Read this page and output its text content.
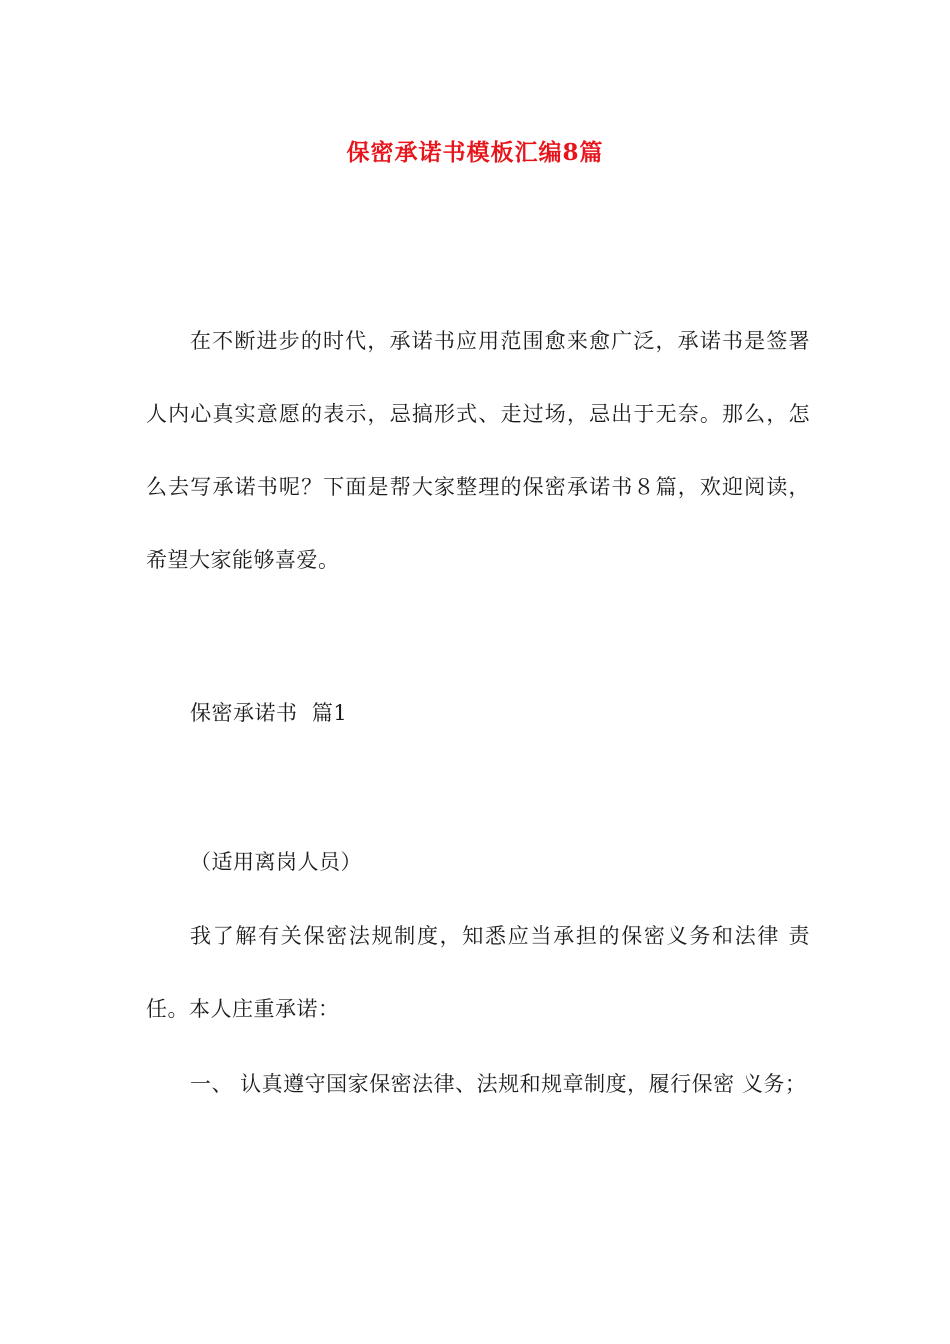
保密承诺书模板汇编8篇

在不断进步的时代，承诺书应用范围愈来愈广泛，承诺书是签署人内心真实意愿的表示，忌搞形式、走过场，忌出于无奈。那么，怎么去写承诺书呢？下面是帮大家整理的保密承诺书８篇，欢迎阅读，希望大家能够喜爱。

保密承诺书  篇1

（适用离岗人员）

我了解有关保密法规制度，知悉应当承担的保密义务和法律 责任。本人庄重承诺：

一、 认真遵守国家保密法律、法规和规章制度，履行保密 义务；
